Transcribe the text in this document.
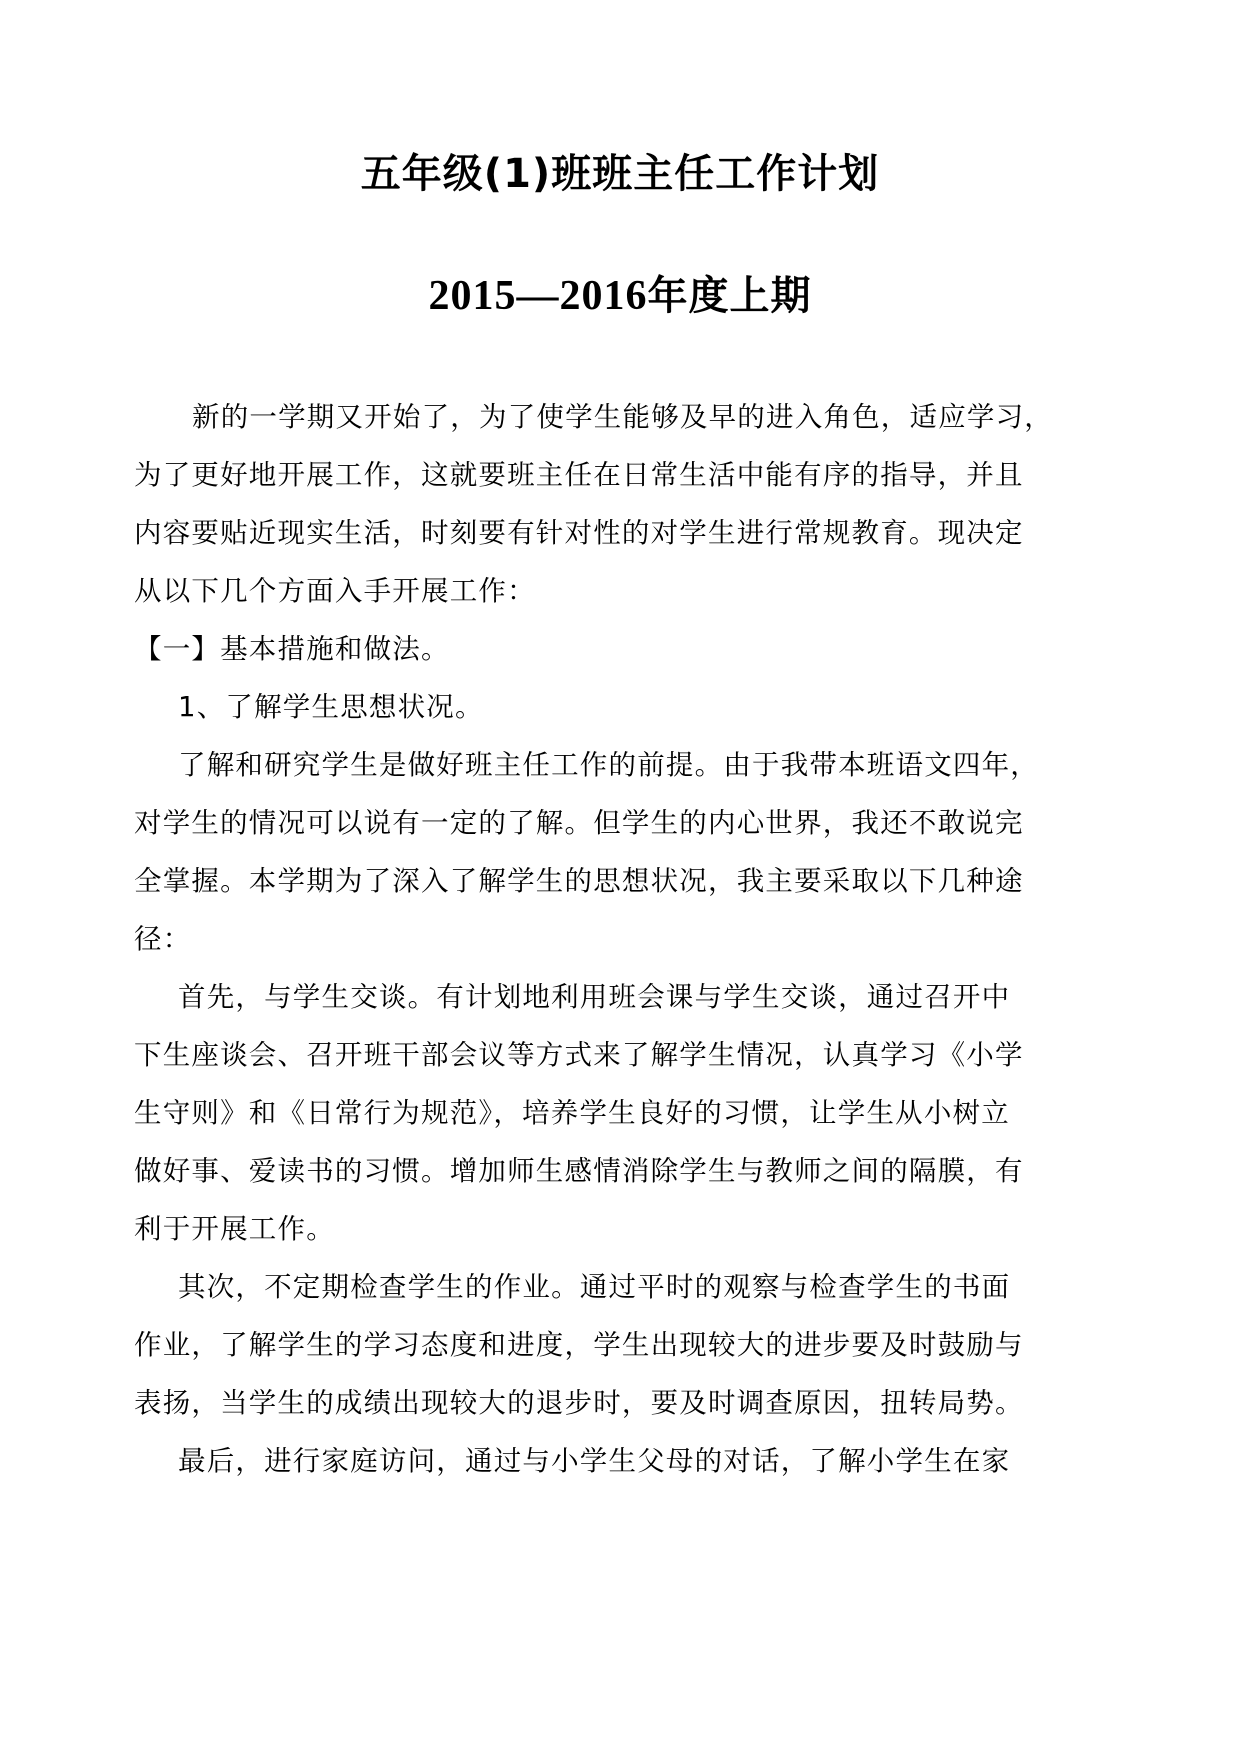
五年级(1)班班主任工作计划
2015—2016年度上期
新的一学期又开始了，为了使学生能够及早的进入角色，适应学习，
为了更好地开展工作，这就要班主任在日常生活中能有序的指导，并且
内容要贴近现实生活，时刻要有针对性的对学生进行常规教育。现决定
从以下几个方面入手开展工作：
【一】基本措施和做法。
1、了解学生思想状况。
了解和研究学生是做好班主任工作的前提。由于我带本班语文四年，
对学生的情况可以说有一定的了解。但学生的内心世界，我还不敢说完
全掌握。本学期为了深入了解学生的思想状况，我主要采取以下几种途
径：
首先，与学生交谈。有计划地利用班会课与学生交谈，通过召开中
下生座谈会、召开班干部会议等方式来了解学生情况，认真学习《小学
生守则》和《日常行为规范》，培养学生良好的习惯，让学生从小树立
做好事、爱读书的习惯。增加师生感情消除学生与教师之间的隔膜，有
利于开展工作。
其次，不定期检查学生的作业。通过平时的观察与检查学生的书面
作业，了解学生的学习态度和进度，学生出现较大的进步要及时鼓励与
表扬，当学生的成绩出现较大的退步时，要及时调查原因，扭转局势。
最后，进行家庭访问，通过与小学生父母的对话，了解小学生在家
